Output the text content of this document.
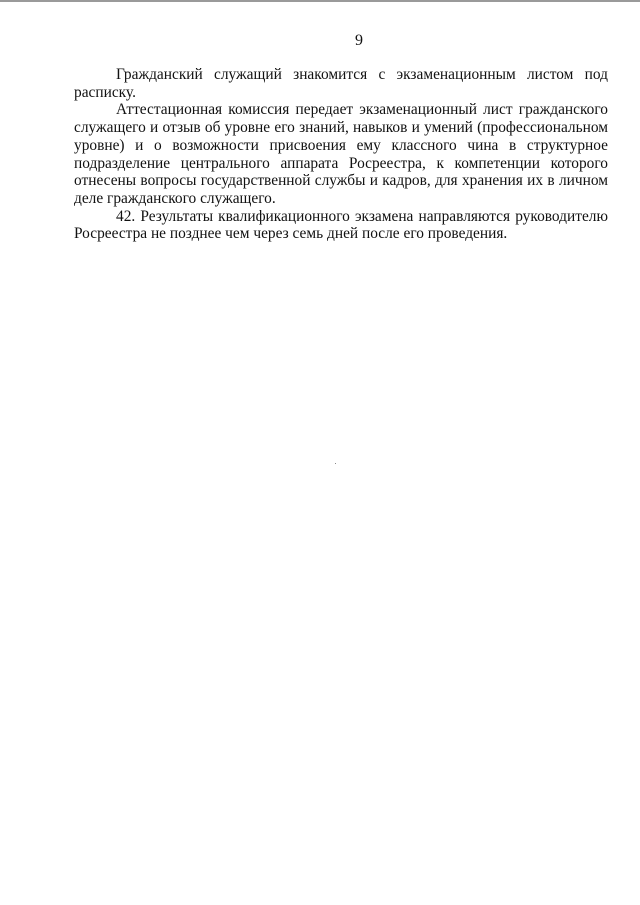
9

Гражданский служащий знакомится с экзаменационным листом под расписку.

Аттестационная комиссия передает экзаменационный лист гражданского служащего и отзыв об уровне его знаний, навыков и умений (профессиональном уровне) и о возможности присвоения ему классного чина в структурное подразделение центрального аппарата Росреестра, к компетенции которого отнесены вопросы государственной службы и кадров, для хранения их в личном деле гражданского служащего.

42. Результаты квалификационного экзамена направляются руководителю Росреестра не позднее чем через семь дней после его проведения.
